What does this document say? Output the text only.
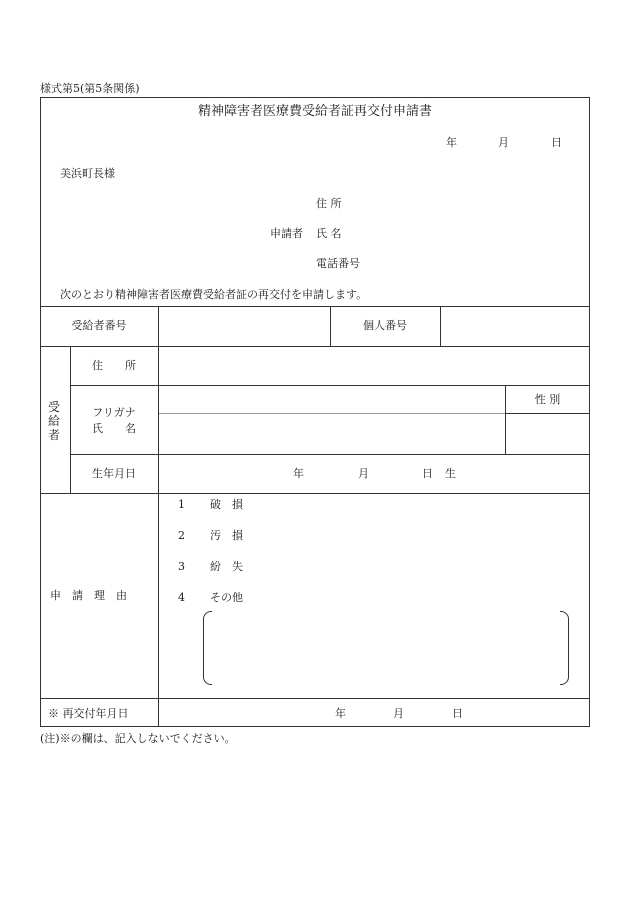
様式第5(第5条関係)
精神障害者医療費受給者証再交付申請書
年	月	日
美浜町長様
住 所
申請者 氏 名
電話番号
次のとおり精神障害者医療費受給者証の再交付を申請します。
受給者番号	個人番号
受給者
住　　所
フリガナ
氏　　名
性 別
生年月日	年	月	日 生
申　請　理　由
1 破　損
2 汚　損
3 紛　失
4 その他
※ 再交付年月日	年	月	日
(注)※の欄は、記入しないでください。
